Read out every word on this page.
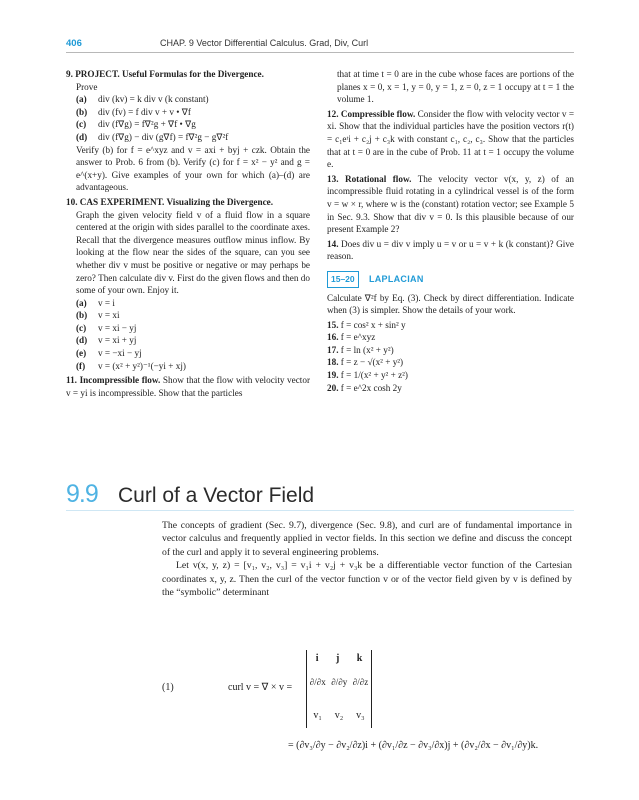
406	CHAP. 9 Vector Differential Calculus. Grad, Div, Curl
9. PROJECT. Useful Formulas for the Divergence.
Prove
(a) div (kv) = k div v (k constant)
(b) div (fv) = f div v + v • ∇f
(c) div (f∇g) = f∇²g + ∇f • ∇g
(d) div (f∇g) − div (g∇f) = f∇²g − g∇²f
Verify (b) for f = e^xyz and v = axi + byj + czk. Obtain the answer to Prob. 6 from (b). Verify (c) for f = x² − y² and g = e^(x+y). Give examples of your own for which (a)–(d) are advantageous.
10. CAS EXPERIMENT. Visualizing the Divergence.
Graph the given velocity field v of a fluid flow in a square centered at the origin with sides parallel to the coordinate axes. Recall that the divergence measures outflow minus inflow. By looking at the flow near the sides of the square, can you see whether div v must be positive or negative or may perhaps be zero? Then calculate div v. First do the given flows and then do some of your own. Enjoy it.
(a) v = i
(b) v = xi
(c) v = xi − yj
(d) v = xi + yj
(e) v = −xi − yj
(f) v = (x² + y²)⁻¹(−yi + xj)
11. Incompressible flow. Show that the flow with velocity vector v = yi is incompressible. Show that the particles
that at time t = 0 are in the cube whose faces are portions of the planes x = 0, x = 1, y = 0, y = 1, z = 0, z = 1 occupy at t = 1 the volume 1.
12. Compressible flow. Consider the flow with velocity vector v = xi. Show that the individual particles have the position vectors r(t) = c₁eᵗi + c₂j + c₃k with constant c₁, c₂, c₃. Show that the particles that at t = 0 are in the cube of Prob. 11 at t = 1 occupy the volume e.
13. Rotational flow. The velocity vector v(x, y, z) of an incompressible fluid rotating in a cylindrical vessel is of the form v = w × r, where w is the (constant) rotation vector; see Example 5 in Sec. 9.3. Show that div v = 0. Is this plausible because of our present Example 2?
14. Does div u = div v imply u = v or u = v + k (k constant)? Give reason.
15–20 LAPLACIAN
Calculate ∇²f by Eq. (3). Check by direct differentiation. Indicate when (3) is simpler. Show the details of your work.
15. f = cos² x + sin² y
16. f = e^xyz
17. f = ln (x² + y²)
18. f = z − √(x² + y²)
19. f = 1/(x² + y² + z²)
20. f = e^2x cosh 2y
9.9 Curl of a Vector Field

The concepts of gradient (Sec. 9.7), divergence (Sec. 9.8), and curl are of fundamental importance in vector calculus and frequently applied in vector fields. In this section we define and discuss the concept of the curl and apply it to several engineering problems.

Let v(x, y, z) = [v₁, v₂, v₃] = v₁i + v₂j + v₃k be a differentiable vector function of the Cartesian coordinates x, y, z. Then the curl of the vector function v or of the vector field given by v is defined by the “symbolic” determinant

(1)	curl v = ∇ × v =
i j k
∂/∂x ∂/∂y ∂/∂z
v₁ v₂ v₃
= (∂v₃/∂y − ∂v₂/∂z)i + (∂v₁/∂z − ∂v₃/∂x)j + (∂v₂/∂x − ∂v₁/∂y)k.
